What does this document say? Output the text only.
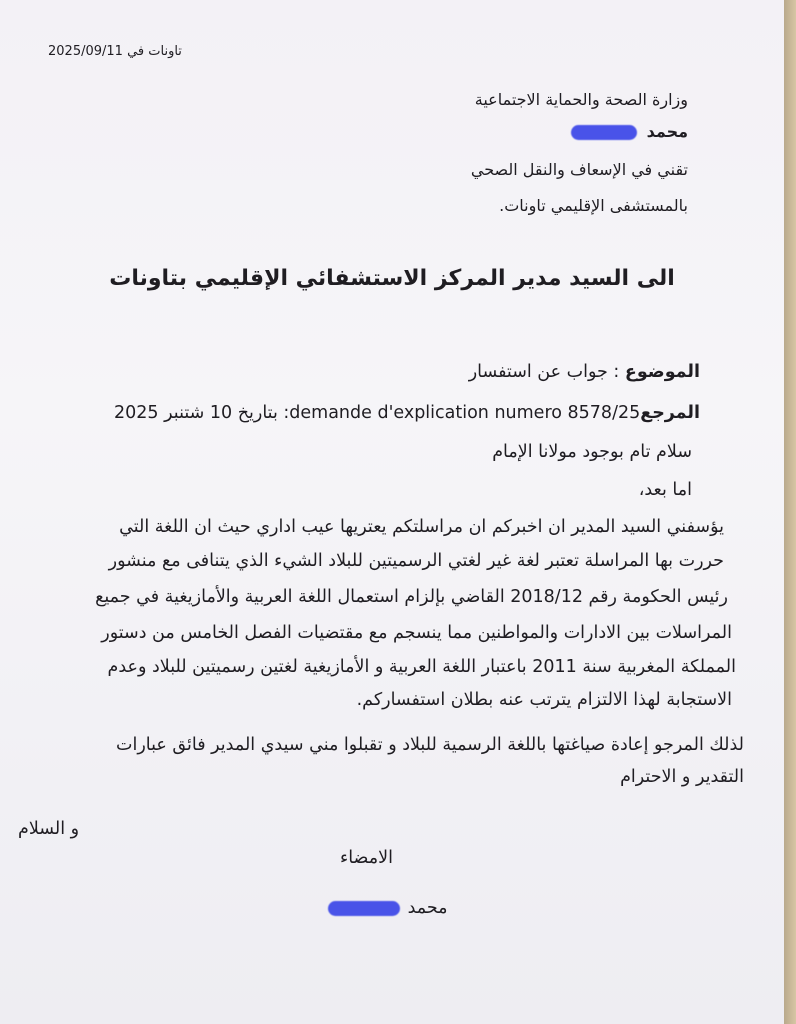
تاونات في 2025/09/11
وزارة الصحة والحماية الاجتماعية
محمد
تقني في الإسعاف والنقل الصحي
بالمستشفى الإقليمي تاونات.
الى السيد مدير المركز الاستشفائي الإقليمي بتاونات
الموضوع : جواب عن استفسار
المرجعdemande d'explication numero 8578/25: بتاريخ 10 شتنبر 2025
سلام تام بوجود مولانا الإمام
اما بعد،
يؤسفني السيد المدير ان اخبركم ان مراسلتكم يعتريها عيب اداري حيث ان اللغة التي
حررت بها المراسلة تعتبر لغة غير لغتي الرسميتين للبلاد الشيء الذي يتنافى مع منشور
رئيس الحكومة رقم 2018/12 القاضي بإلزام استعمال اللغة العربية والأمازيغية في جميع
المراسلات بين الادارات والمواطنين مما ينسجم مع مقتضيات الفصل الخامس من دستور
المملكة المغربية سنة 2011 باعتبار اللغة العربية و الأمازيغية لغتين رسميتين للبلاد وعدم
الاستجابة لهذا الالتزام يترتب عنه بطلان استفساركم.
لذلك المرجو إعادة صياغتها باللغة الرسمية للبلاد و تقبلوا مني سيدي المدير فائق عبارات
التقدير و الاحترام
و السلام
الامضاء
محمد
